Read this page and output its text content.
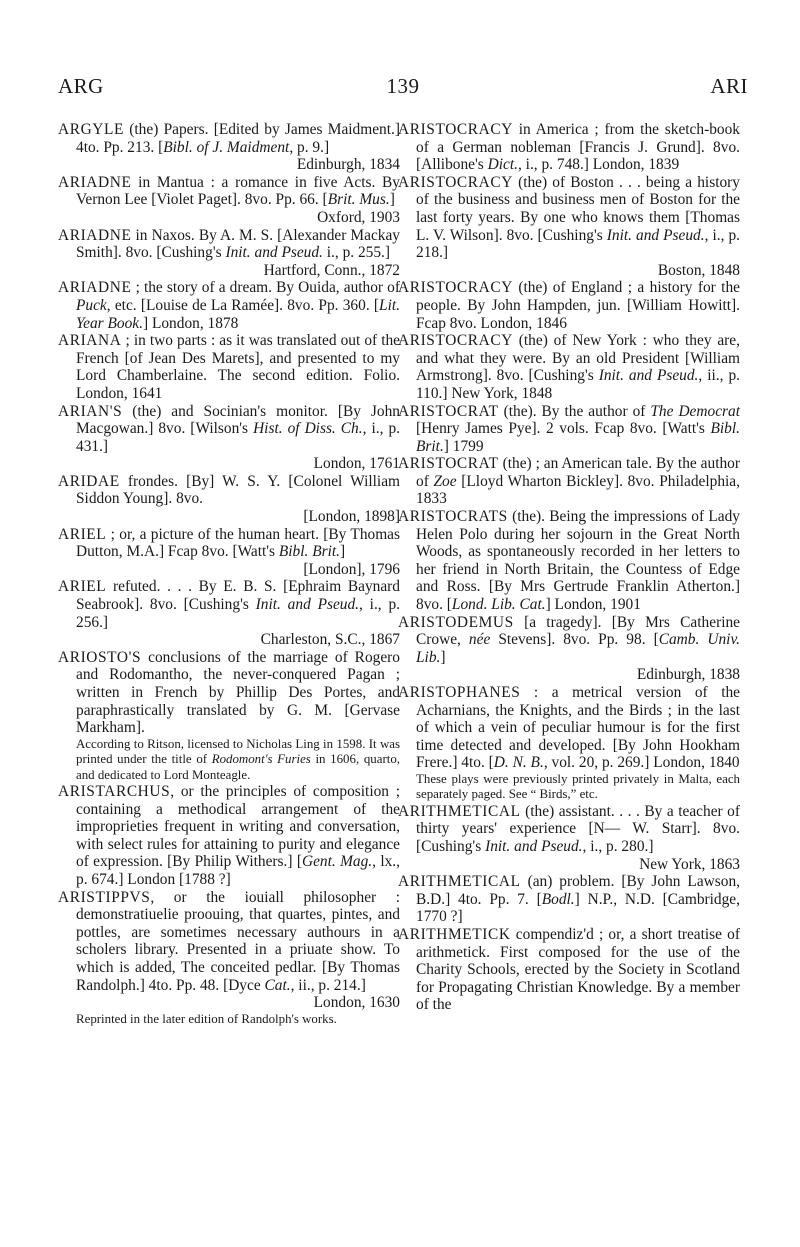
ARG	139	ARI
ARGYLE (the) Papers. [Edited by James Maidment.] 4to. Pp. 213. [Bibl. of J. Maidment, p. 9.]
Edinburgh, 1834
ARIADNE in Mantua : a romance in five Acts. By Vernon Lee [Violet Paget]. 8vo. Pp. 66. [Brit. Mus.]
Oxford, 1903
ARIADNE in Naxos. By A. M. S. [Alexander Mackay Smith]. 8vo. [Cushing's Init. and Pseud. i., p. 255.]
Hartford, Conn., 1872
ARIADNE ; the story of a dream. By Ouida, author of Puck, etc. [Louise de La Ramée]. 8vo. Pp. 360. [Lit. Year Book.] London, 1878
ARIANA ; in two parts : as it was translated out of the French [of Jean Des Marets], and presented to my Lord Chamberlaine. The second edition. Folio. London, 1641
ARIAN'S (the) and Socinian's monitor. [By John Macgowan.] 8vo. [Wilson's Hist. of Diss. Ch., i., p. 431.]
London, 1761
ARIDAE frondes. [By] W. S. Y. [Colonel William Siddon Young]. 8vo.
[London, 1898]
ARIEL ; or, a picture of the human heart. [By Thomas Dutton, M.A.] Fcap 8vo. [Watt's Bibl. Brit.]
[London], 1796
ARIEL refuted. . . . By E. B. S. [Ephraim Baynard Seabrook]. 8vo. [Cushing's Init. and Pseud., i., p. 256.]
Charleston, S.C., 1867
ARIOSTO'S conclusions of the marriage of Rogero and Rodomantho, the never-conquered Pagan ; written in French by Phillip Des Portes, and paraphrastically translated by G. M. [Gervase Markham].
According to Ritson, licensed to Nicholas Ling in 1598. It was printed under the title of Rodomont's Furies in 1606, quarto, and dedicated to Lord Monteagle.
ARISTARCHUS, or the principles of composition ; containing a methodical arrangement of the improprieties frequent in writing and conversation, with select rules for attaining to purity and elegance of expression. [By Philip Withers.] [Gent. Mag., lx., p. 674.] London [1788 ?]
ARISTIPPVS, or the iouiall philosopher : demonstratiuelie proouing, that quartes, pintes, and pottles, are sometimes necessary authours in a scholers library. Presented in a priuate show. To which is added, The conceited pedlar. [By Thomas Randolph.] 4to. Pp. 48. [Dyce Cat., ii., p. 214.]
London, 1630
Reprinted in the later edition of Randolph's works.
ARISTOCRACY in America ; from the sketch-book of a German nobleman [Francis J. Grund]. 8vo. [Allibone's Dict., i., p. 748.] London, 1839
ARISTOCRACY (the) of Boston . . . being a history of the business and business men of Boston for the last forty years. By one who knows them [Thomas L. V. Wilson]. 8vo. [Cushing's Init. and Pseud., i., p. 218.]
Boston, 1848
ARISTOCRACY (the) of England ; a history for the people. By John Hampden, jun. [William Howitt]. Fcap 8vo. London, 1846
ARISTOCRACY (the) of New York : who they are, and what they were. By an old President [William Armstrong]. 8vo. [Cushing's Init. and Pseud., ii., p. 110.] New York, 1848
ARISTOCRAT (the). By the author of The Democrat [Henry James Pye]. 2 vols. Fcap 8vo. [Watt's Bibl. Brit.] 1799
ARISTOCRAT (the) ; an American tale. By the author of Zoe [Lloyd Wharton Bickley]. 8vo. Philadelphia, 1833
ARISTOCRATS (the). Being the impressions of Lady Helen Polo during her sojourn in the Great North Woods, as spontaneously recorded in her letters to her friend in North Britain, the Countess of Edge and Ross. [By Mrs Gertrude Franklin Atherton.] 8vo. [Lond. Lib. Cat.] London, 1901
ARISTODEMUS [a tragedy]. [By Mrs Catherine Crowe, née Stevens]. 8vo. Pp. 98. [Camb. Univ. Lib.]
Edinburgh, 1838
ARISTOPHANES : a metrical version of the Acharnians, the Knights, and the Birds ; in the last of which a vein of peculiar humour is for the first time detected and developed. [By John Hookham Frere.] 4to. [D. N. B., vol. 20, p. 269.] London, 1840
These plays were previously printed privately in Malta, each separately paged. See “ Birds,” etc.
ARITHMETICAL (the) assistant. . . . By a teacher of thirty years' experience [N— W. Starr]. 8vo. [Cushing's Init. and Pseud., i., p. 280.]
New York, 1863
ARITHMETICAL (an) problem. [By John Lawson, B.D.] 4to. Pp. 7. [Bodl.] N.P., N.D. [Cambridge, 1770 ?]
ARITHMETICK compendiz'd ; or, a short treatise of arithmetick. First composed for the use of the Charity Schools, erected by the Society in Scotland for Propagating Christian Knowledge. By a member of the
